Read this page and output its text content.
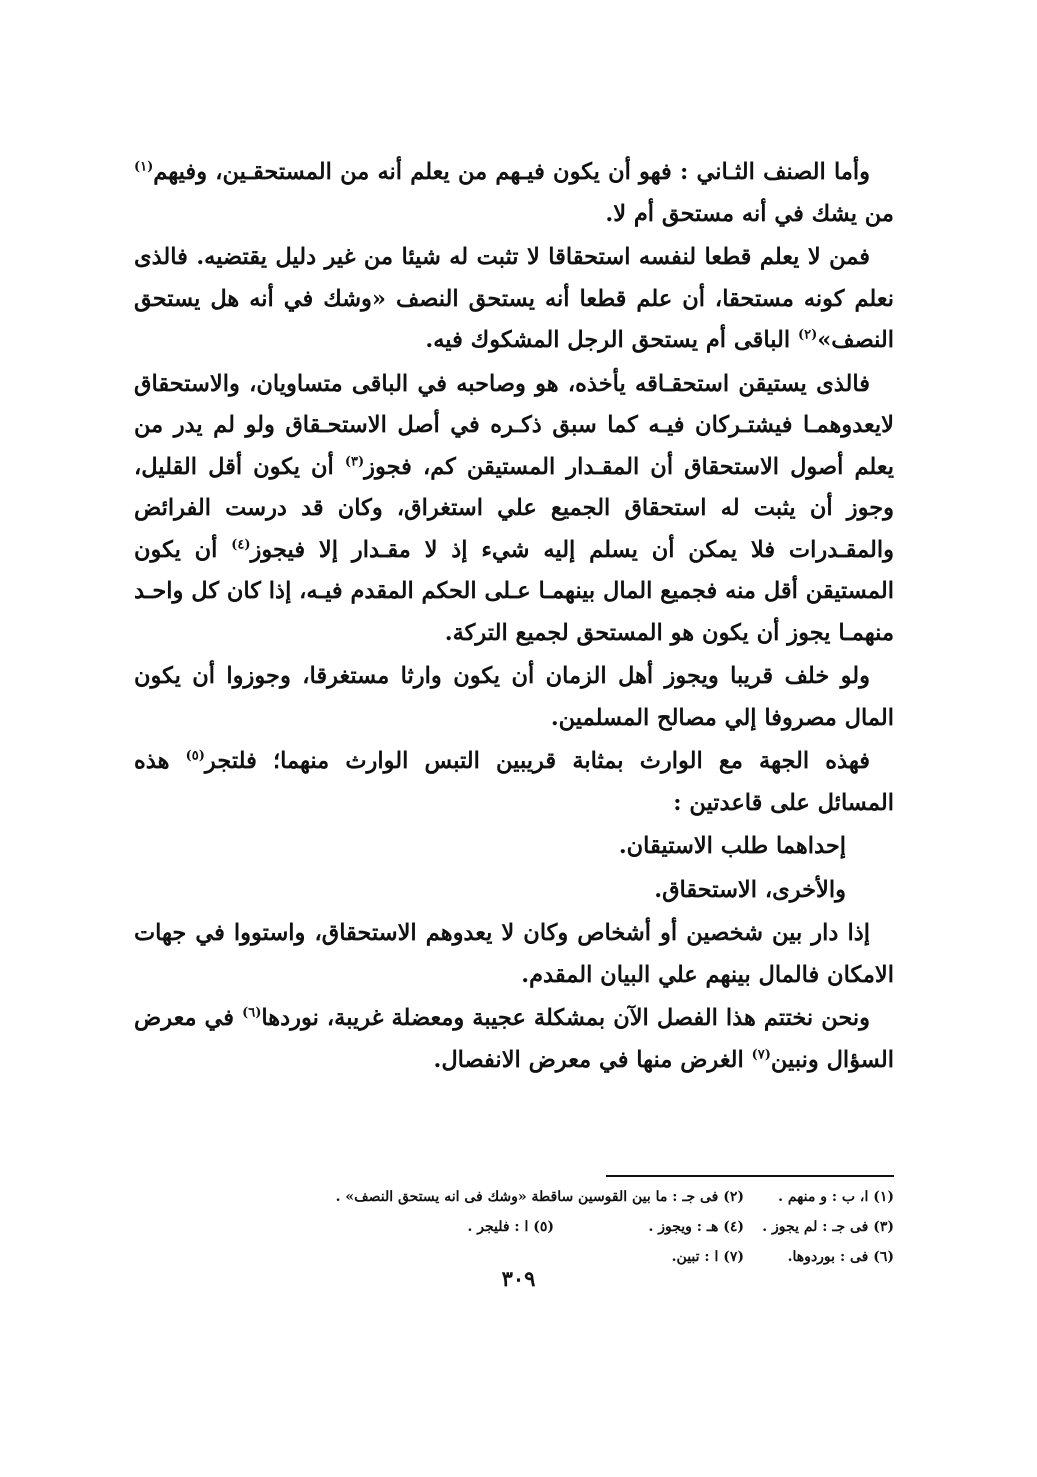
وأما الصنف الثـاني : فهو أن يكون فيـهم من يعلم أنه من المستحقـين، وفيهم$^{(١)}$ من يشك في أنه مستحق أم لا.

فمن لا يعلم قطعا لنفسه استحقاقا لا تثبت له شيئا من غير دليل يقتضيه. فالذى نعلم كونه مستحقا، أن علم قطعا أنه يستحق النصف «وشك في أنه هل يستحق النصف»$^{(٢)}$ الباقى أم يستحق الرجل المشكوك فيه.

فالذى يستيقن استحقـاقه يأخذه، هو وصاحبه في الباقى متساويان، والاستحقاق لايعدوهمـا فيشتـركان فيـه كما سبق ذكـره في أصل الاستحـقاق ولو لم يدر من يعلم أصول الاستحقاق أن المقـدار المستيقن كم، فجوز$^{(٣)}$ أن يكون أقل القليل، وجوز أن يثبت له استحقاق الجميع علي استغراق، وكان قد درست الفرائض والمقـدرات فلا يمكن أن يسلم إليه شيء إذ لا مقـدار إلا فيجوز$^{(٤)}$ أن يكون المستيقن أقل منه فجميع المال بينهمـا عـلى الحكم المقدم فيـه، إذا كان كل واحـد منهمـا يجوز أن يكون هو المستحق لجميع التركة.

ولو خلف قريبا ويجوز أهل الزمان أن يكون وارثا مستغرقا، وجوزوا أن يكون المال مصروفا إلي مصالح المسلمين.

فهذه الجهة مع الوارث بمثابة قريبين التبس الوارث منهما؛ فلتجر$^{(٥)}$ هذه المسائل على قاعدتين :

إحداهما طلب الاستيقان.

والأخرى، الاستحقاق.

إذا دار بين شخصين أو أشخاص وكان لا يعدوهم الاستحقاق، واستووا في جهات الامكان فالمال بينهم علي البيان المقدم.

ونحن نختتم هذا الفصل الآن بمشكلة عجيبة ومعضلة غريبة، نوردها$^{(٦)}$ في معرض السؤال ونبين$^{(٧)}$ الغرض منها في معرض الانفصال.

(١) ا، ب : و منهم .
(٢) فى جـ : ما بين القوسين ساقطة «وشك فى انه يستحق النصف» .
(٣) فى جـ : لم يجوز .
(٤) هـ : ويجوز .
(٥) ا : فليجر .
(٦) فى : بوردوها.
(٧) ا : تبين.
٣٠٩
